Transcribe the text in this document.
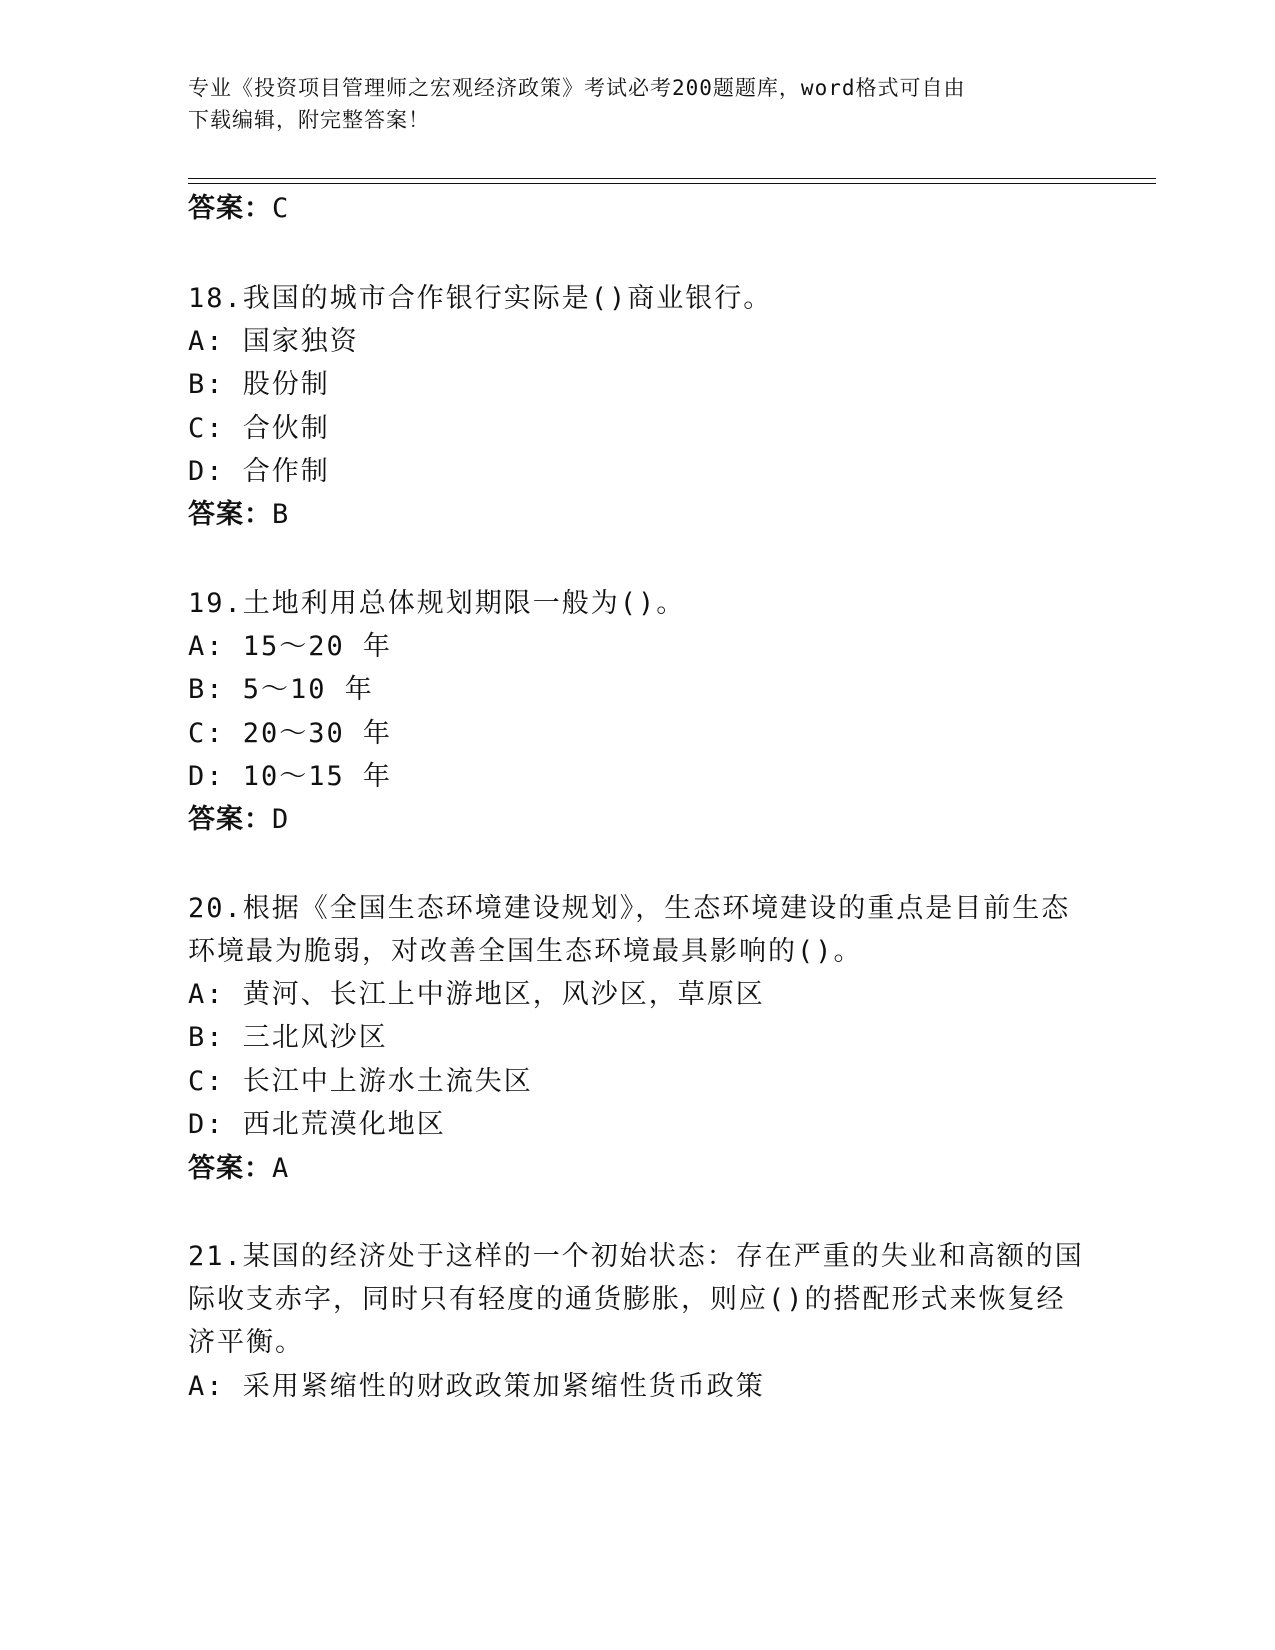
专业《投资项目管理师之宏观经济政策》考试必考200题题库，word格式可自由
下载编辑，附完整答案！
答案：C
18.我国的城市合作银行实际是()商业银行。
A: 国家独资
B: 股份制
C: 合伙制
D: 合作制
答案：B
19.土地利用总体规划期限一般为()。
A: 15～20 年
B: 5～10 年
C: 20～30 年
D: 10～15 年
答案：D
20.根据《全国生态环境建设规划》，生态环境建设的重点是目前生态
环境最为脆弱，对改善全国生态环境最具影响的()。
A: 黄河、长江上中游地区，风沙区，草原区
B: 三北风沙区
C: 长江中上游水土流失区
D: 西北荒漠化地区
答案：A
21.某国的经济处于这样的一个初始状态：存在严重的失业和高额的国
际收支赤字，同时只有轻度的通货膨胀，则应()的搭配形式来恢复经
济平衡。
A: 采用紧缩性的财政政策加紧缩性货币政策
